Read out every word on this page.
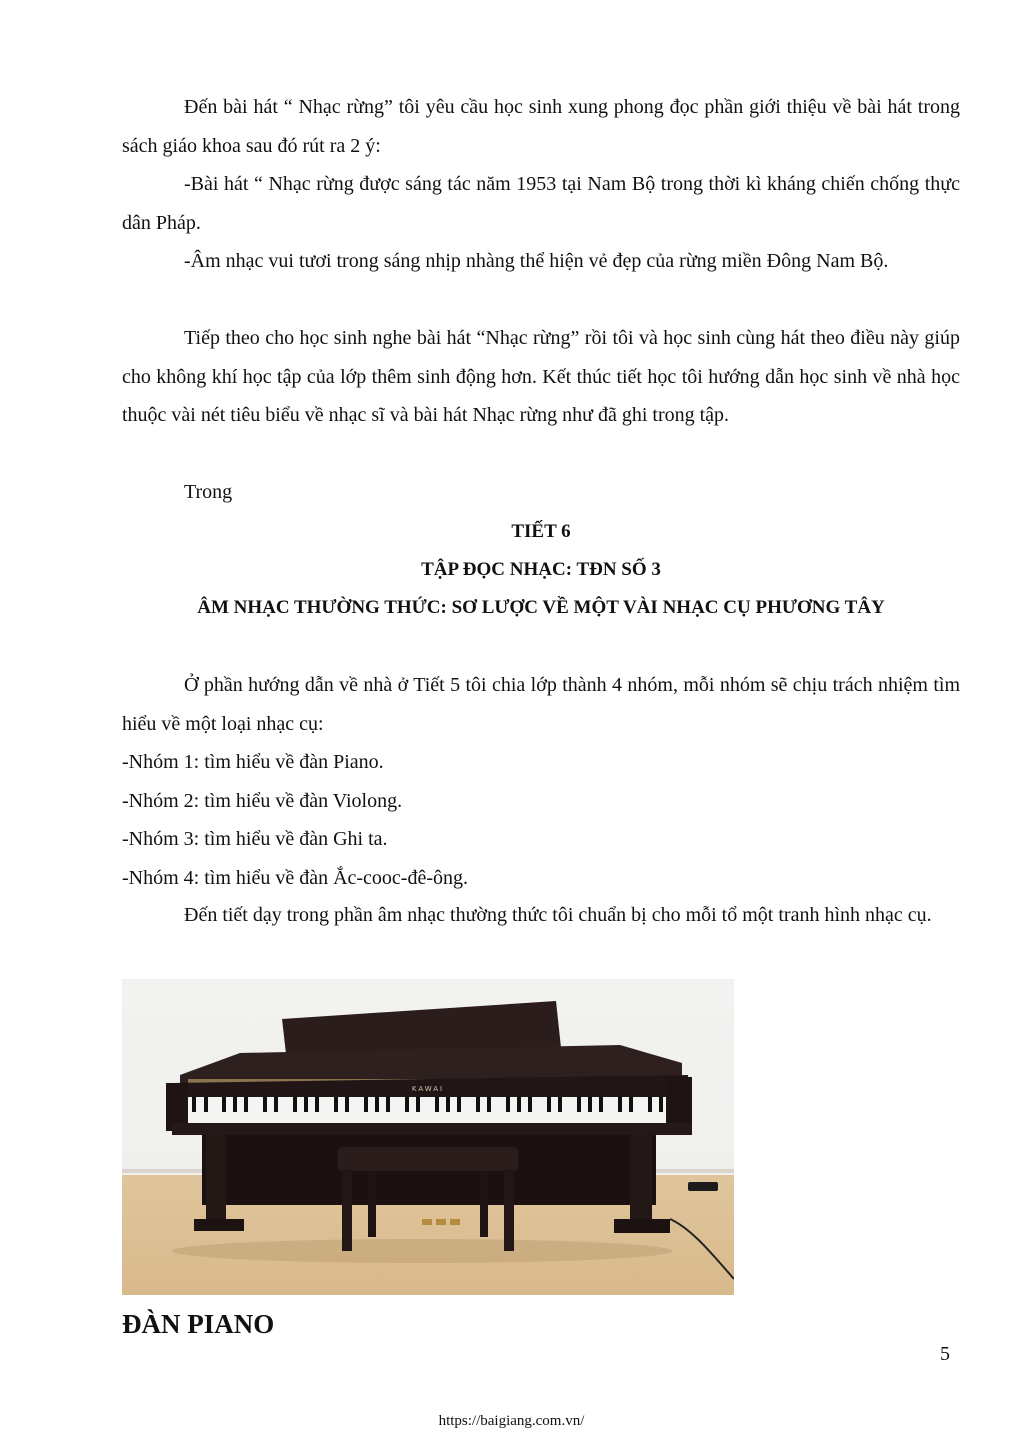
Đến bài hát “ Nhạc rừng” tôi yêu cầu học sinh xung phong đọc phần giới thiệu về bài hát trong sách giáo khoa sau đó rút ra 2 ý:

-Bài hát “ Nhạc rừng được sáng tác năm 1953 tại Nam Bộ trong thời kì kháng chiến chống thực dân Pháp.

-Âm nhạc vui tươi trong sáng nhịp nhàng thể hiện vẻ đẹp của rừng miền Đông Nam Bộ.

Tiếp theo cho học sinh nghe bài hát “Nhạc rừng” rồi tôi và học sinh cùng hát theo điều này giúp cho không khí học tập của lớp thêm sinh động hơn. Kết thúc tiết học tôi hướng dẫn học sinh về nhà học thuộc vài nét tiêu biểu về nhạc sĩ và bài hát Nhạc rừng như đã ghi trong tập.

Trong

TIẾT 6
TẬP ĐỌC NHẠC: TĐN SỐ 3
ÂM NHẠC THƯỜNG THỨC: SƠ LƯỢC VỀ MỘT VÀI NHẠC CỤ PHƯƠNG TÂY

Ở phần hướng dẫn về nhà ở Tiết 5 tôi chia lớp thành 4 nhóm, mỗi nhóm sẽ chịu trách nhiệm tìm hiểu về một loại nhạc cụ:

-Nhóm 1: tìm hiểu về đàn Piano.
-Nhóm 2: tìm hiểu về đàn Violong.
-Nhóm 3: tìm hiểu về đàn Ghi ta.
-Nhóm 4: tìm hiểu về đàn Ắc-cooc-đê-ông.

Đến tiết dạy trong phần âm nhạc thường thức tôi chuẩn bị cho mỗi tổ một tranh hình nhạc cụ.

KAWAI
ĐÀN PIANO
5
https://baigiang.com.vn/
